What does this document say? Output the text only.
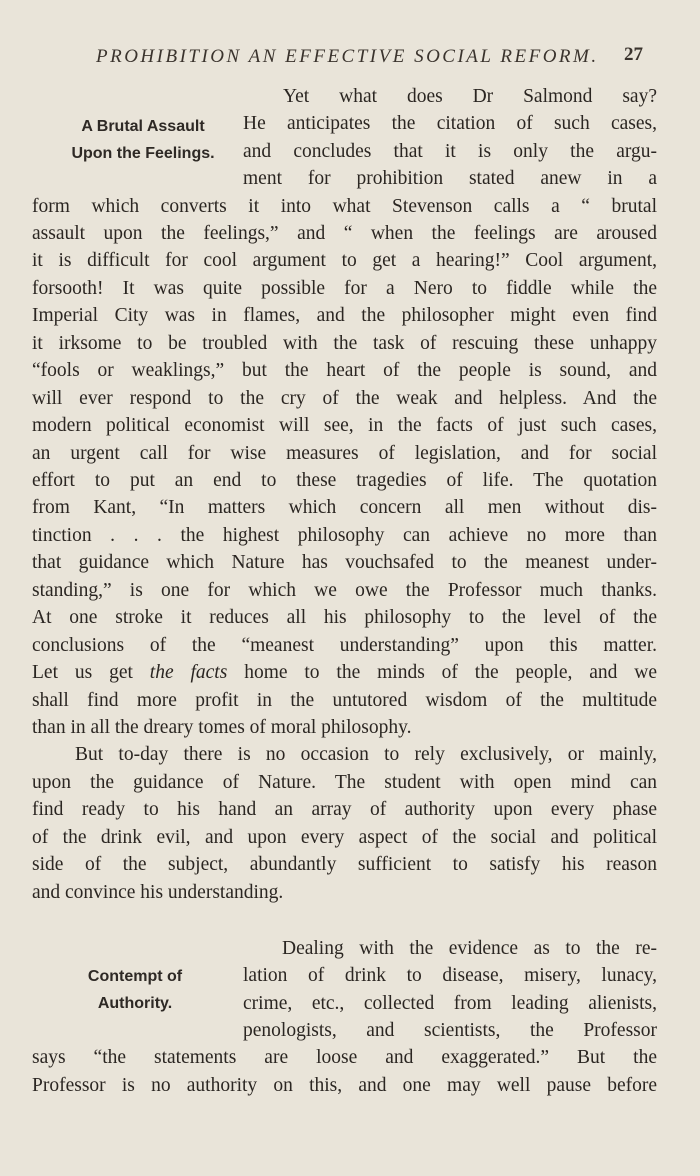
PROHIBITION AN EFFECTIVE SOCIAL REFORM.	27
A Brutal Assault
Upon the Feelings.
Contempt of
Authority.
Yet what does Dr Salmond say?
He anticipates the citation of such cases,
and concludes that it is only the argu-
ment for prohibition stated anew in a
form which converts it into what Stevenson calls a “ brutal
assault upon the feelings,” and “ when the feelings are aroused
it is difficult for cool argument to get a hearing!” Cool argument,
forsooth! It was quite possible for a Nero to fiddle while the
Imperial City was in flames, and the philosopher might even find
it irksome to be troubled with the task of rescuing these unhappy
“fools or weaklings,” but the heart of the people is sound, and
will ever respond to the cry of the weak and helpless. And the
modern political economist will see, in the facts of just such cases,
an urgent call for wise measures of legislation, and for social
effort to put an end to these tragedies of life. The quotation
from Kant, “In matters which concern all men without dis-
tinction . . . the highest philosophy can achieve no more than
that guidance which Nature has vouchsafed to the meanest under-
standing,” is one for which we owe the Professor much thanks.
At one stroke it reduces all his philosophy to the level of the
conclusions of the “meanest understanding” upon this matter.
Let us get the facts home to the minds of the people, and we
shall find more profit in the untutored wisdom of the multitude
than in all the dreary tomes of moral philosophy.
But to-day there is no occasion to rely exclusively, or mainly,
upon the guidance of Nature. The student with open mind can
find ready to his hand an array of authority upon every phase
of the drink evil, and upon every aspect of the social and political
side of the subject, abundantly sufficient to satisfy his reason
and convince his understanding.
Dealing with the evidence as to the re-
lation of drink to disease, misery, lunacy,
crime, etc., collected from leading alienists,
penologists, and scientists, the Professor
says “the statements are loose and exaggerated.” But the
Professor is no authority on this, and one may well pause before
